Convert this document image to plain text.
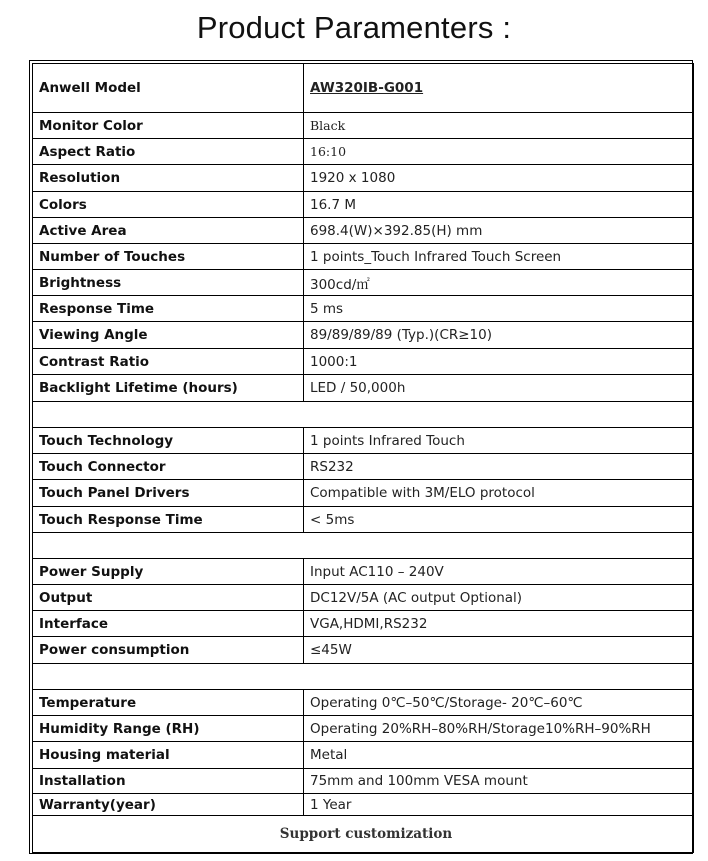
Product Paramenters :
Anwell Model	AW320IB-G001
Monitor Color	Black
Aspect Ratio	16:10
Resolution	1920 x 1080
Colors	16.7 M
Active Area	698.4(W)×392.85(H) mm
Number of Touches	1 points_Touch Infrared Touch Screen
Brightness	300cd/㎡
Response Time	5 ms
Viewing Angle	89/89/89/89 (Typ.)(CR≥10)
Contrast Ratio	1000:1
Backlight Lifetime (hours)	LED / 50,000h

Touch Technology	1 points Infrared Touch
Touch Connector	RS232
Touch Panel Drivers	Compatible with 3M/ELO protocol
Touch Response Time	< 5ms

Power Supply	Input AC110 – 240V
Output	DC12V/5A (AC output Optional)
Interface	VGA,HDMI,RS232
Power consumption	≤45W

Temperature	Operating 0℃–50℃/Storage- 20℃–60℃
Humidity Range (RH)	Operating 20%RH–80%RH/Storage10%RH–90%RH
Housing material	Metal
Installation	75mm and 100mm VESA mount
Warranty(year)	1 Year
Support customization	
